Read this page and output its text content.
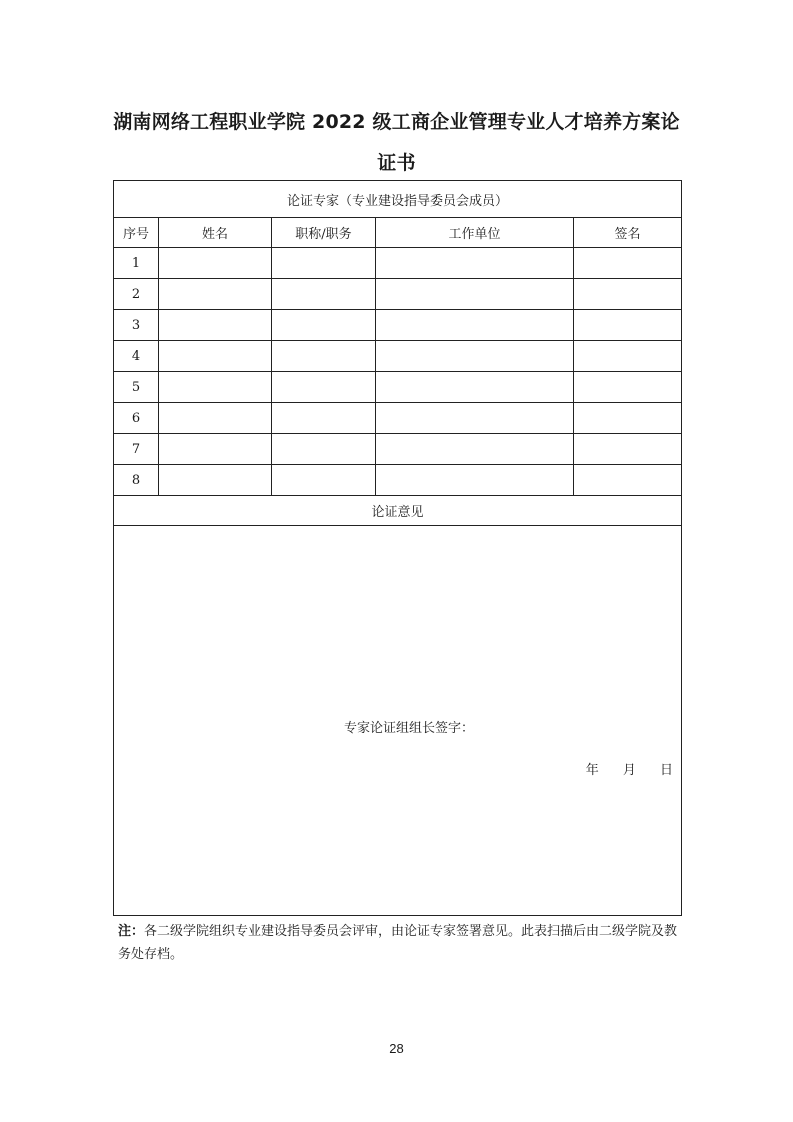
湖南网络工程职业学院 2022 级工商企业管理专业人才培养方案论
证书
论证专家（专业建设指导委员会成员）				
序号	姓名	职称/职务	工作单位	签名
1				
2				
3				
4				
5				
6				
7				
8				
论证意见				

专家论证组组长签字：
年 月 日				
注：各二级学院组织专业建设指导委员会评审，由论证专家签署意见。此表扫描后由二级学院及教务处存档。
28
